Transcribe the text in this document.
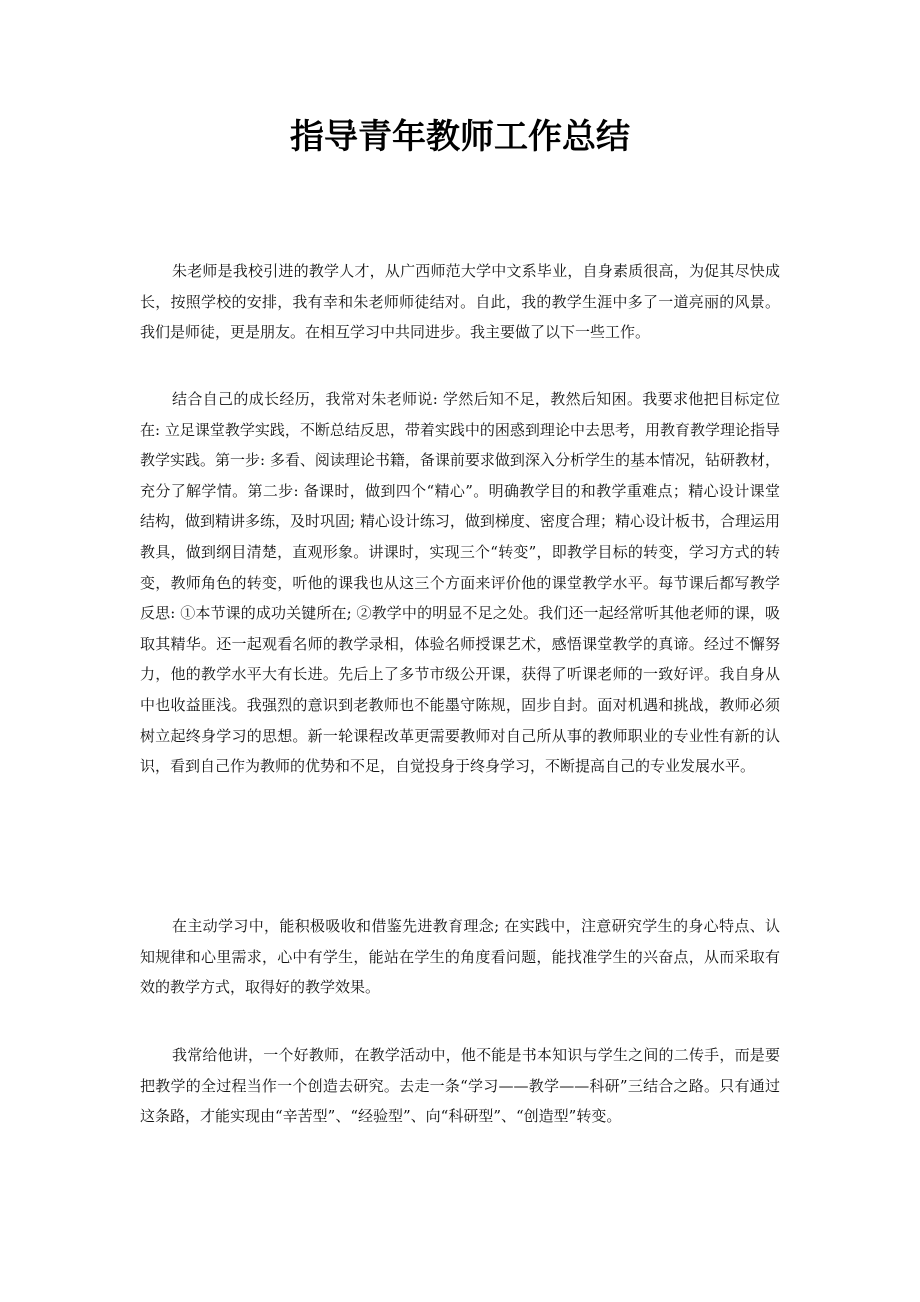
指导青年教师工作总结

朱老师是我校引进的教学人才，从广西师范大学中文系毕业，自身素质很高，为促其尽快成长，按照学校的安排，我有幸和朱老师师徒结对。自此，我的教学生涯中多了一道亮丽的风景。我们是师徒，更是朋友。在相互学习中共同进步。我主要做了以下一些工作。

结合自己的成长经历，我常对朱老师说: 学然后知不足，教然后知困。我要求他把目标定位在: 立足课堂教学实践，不断总结反思，带着实践中的困惑到理论中去思考，用教育教学理论指导教学实践。第一步: 多看、阅读理论书籍，备课前要求做到深入分析学生的基本情况，钻研教材，充分了解学情。第二步: 备课时，做到四个“精心”。明确教学目的和教学重难点；精心设计课堂结构，做到精讲多练，及时巩固; 精心设计练习，做到梯度、密度合理；精心设计板书，合理运用教具，做到纲目清楚，直观形象。讲课时，实现三个“转变”，即教学目标的转变，学习方式的转变，教师角色的转变，听他的课我也从这三个方面来评价他的课堂教学水平。每节课后都写教学反思: ①本节课的成功关键所在; ②教学中的明显不足之处。我们还一起经常听其他老师的课，吸取其精华。还一起观看名师的教学录相，体验名师授课艺术，感悟课堂教学的真谛。经过不懈努力，他的教学水平大有长进。先后上了多节市级公开课，获得了听课老师的一致好评。我自身从中也收益匪浅。我强烈的意识到老教师也不能墨守陈规，固步自封。面对机遇和挑战，教师必须树立起终身学习的思想。新一轮课程改革更需要教师对自己所从事的教师职业的专业性有新的认识，看到自己作为教师的优势和不足，自觉投身于终身学习，不断提高自己的专业发展水平。

在主动学习中，能积极吸收和借鉴先进教育理念; 在实践中，注意研究学生的身心特点、认知规律和心里需求，心中有学生，能站在学生的角度看问题，能找准学生的兴奋点，从而采取有效的教学方式，取得好的教学效果。

我常给他讲，一个好教师，在教学活动中，他不能是书本知识与学生之间的二传手，而是要把教学的全过程当作一个创造去研究。去走一条“学习——教学——科研”三结合之路。只有通过这条路，才能实现由“辛苦型”、“经验型”、向“科研型”、“创造型”转变。
